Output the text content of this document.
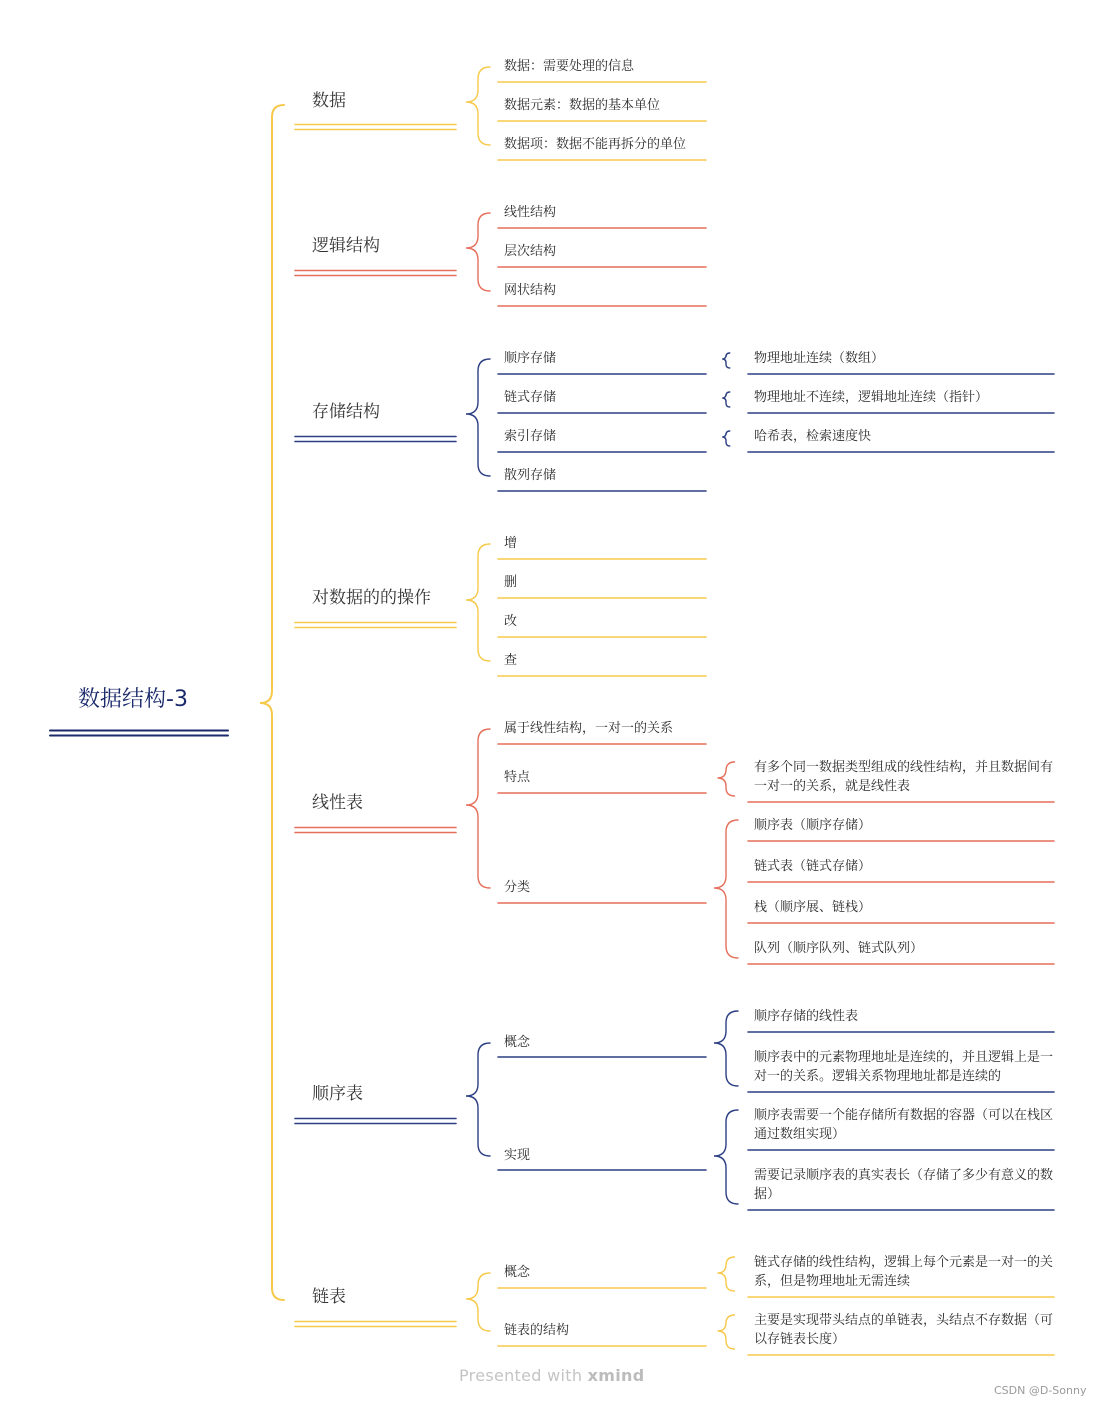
数据结构-3
数据
数据：需要处理的信息
数据元素：数据的基本单位
数据项：数据不能再拆分的单位
逻辑结构
线性结构
层次结构
网状结构
存储结构
顺序存储	物理地址连续（数组）
链式存储	物理地址不连续，逻辑地址连续（指针）
索引存储	哈希表，检索速度快
散列存储
对数据的的操作
增
删
改
查
线性表
属于线性结构，一对一的关系
特点
有多个同一数据类型组成的线性结构，并且数据间有一对一的关系，就是线性表
分类
顺序表（顺序存储）
链式表（链式存储）
栈（顺序展、链栈）
队列（顺序队列、链式队列）
顺序表
概念
顺序存储的线性表
顺序表中的元素物理地址是连续的，并且逻辑上是一对一的关系。逻辑关系物理地址都是连续的
实现
顺序表需要一个能存储所有数据的容器（可以在栈区通过数组实现）
需要记录顺序表的真实表长（存储了多少有意义的数据）
链表
概念
链式存储的线性结构，逻辑上每个元素是一对一的关系，但是物理地址无需连续
链表的结构
主要是实现带头结点的单链表，头结点不存数据（可以存链表长度）
Presented with xmind
CSDN @D-Sonny
